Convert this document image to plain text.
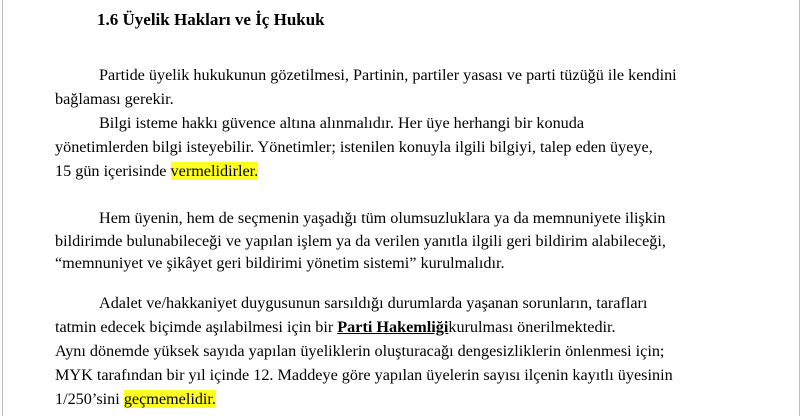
1.6 Üyelik Hakları ve İç Hukuk
Partide üyelik hukukunun gözetilmesi, Partinin, partiler yasası ve parti tüzüğü ile kendini
bağlaması gerekir.
Bilgi isteme hakkı güvence altına alınmalıdır. Her üye herhangi bir konuda
yönetimlerden bilgi isteyebilir. Yönetimler; istenilen konuyla ilgili bilgiyi, talep eden üyeye,
15 gün içerisinde vermelidirler.
Hem üyenin, hem de seçmenin yaşadığı tüm olumsuzluklara ya da memnuniyete ilişkin
bildirimde bulunabileceği ve yapılan işlem ya da verilen yanıtla ilgili geri bildirim alabileceği,
“memnuniyet ve şikâyet geri bildirimi yönetim sistemi” kurulmalıdır.
Adalet ve/hakkaniyet duygusunun sarsıldığı durumlarda yaşanan sorunların, tarafları
tatmin edecek biçimde aşılabilmesi için bir Parti Hakemliğikurulması önerilmektedir.
Aynı dönemde yüksek sayıda yapılan üyeliklerin oluşturacağı dengesizliklerin önlenmesi için;
MYK tarafından bir yıl içinde 12. Maddeye göre yapılan üyelerin sayısı ilçenin kayıtlı üyesinin
1/250’sini geçmemelidir.
